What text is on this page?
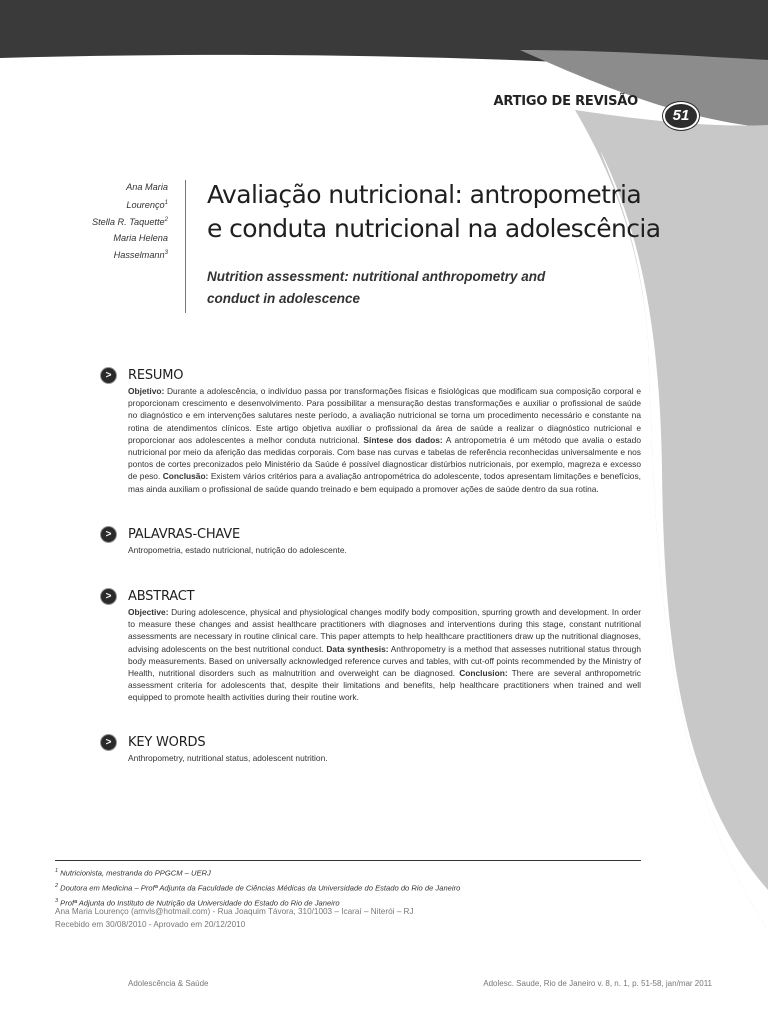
ARTIGO DE REVISÃO
51
Ana Maria
Lourenço$^1$
Stella R. Taquette$^2$
Maria Helena
Hasselmann$^3$
Avaliação nutricional: antropometria
e conduta nutricional na adolescência
Nutrition assessment: nutritional anthropometry and
conduct in adolescence
>	RESUMO
Objetivo: Durante a adolescência, o indivíduo passa por transformações físicas e fisiológicas que modificam sua composição corporal e proporcionam crescimento e desenvolvimento. Para possibilitar a mensuração destas transformações e auxiliar o profissional de saúde no diagnóstico e em intervenções salutares neste período, a avaliação nutricional se torna um procedimento necessário e constante na rotina de atendimentos clínicos. Este artigo objetiva auxiliar o profissional da área de saúde a realizar o diagnóstico nutricional e proporcionar aos adolescentes a melhor conduta nutricional. Síntese dos dados: A antropometria é um método que avalia o estado nutricional por meio da aferição das medidas corporais. Com base nas curvas e tabelas de referência reconhecidas universalmente e nos pontos de cortes preconizados pelo Ministério da Saúde é possível diagnosticar distúrbios nutricionais, por exemplo, magreza e excesso de peso. Conclusão: Existem vários critérios para a avaliação antropométrica do adolescente, todos apresentam limitações e benefícios, mas ainda auxiliam o profissional de saúde quando treinado e bem equipado a promover ações de saúde dentro da sua rotina.
>	PALAVRAS-CHAVE
Antropometria, estado nutricional, nutrição do adolescente.
>	ABSTRACT
Objective: During adolescence, physical and physiological changes modify body composition, spurring growth and development. In order to measure these changes and assist healthcare practitioners with diagnoses and interventions during this stage, constant nutritional assessments are necessary in routine clinical care. This paper attempts to help healthcare practitioners draw up the nutritional diagnoses, advising adolescents on the best nutritional conduct. Data synthesis: Anthropometry is a method that assesses nutritional status through body measurements. Based on universally acknowledged reference curves and tables, with cut-off points recommended by the Ministry of Health, nutritional disorders such as malnutrition and overweight can be diagnosed. Conclusion: There are several anthropometric assessment criteria for adolescents that, despite their limitations and benefits, help healthcare practitioners when trained and well equipped to promote health activities during their routine work.
>	KEY WORDS
Anthropometry, nutritional status, adolescent nutrition.
$^1$ Nutricionista, mestranda do PPGCM – UERJ
$^2$ Doutora em Medicina – Profª Adjunta da Faculdade de Ciências Médicas da Universidade do Estado do Rio de Janeiro
$^3$ Profª Adjunta do Instituto de Nutrição da Universidade do Estado do Rio de Janeiro
Ana Maria Lourenço (amvls@hotmail.com) - Rua Joaquim Távora, 310/1003 – Icaraí – Niterói – RJ
Recebido em 30/08/2010 - Aprovado em 20/12/2010
Adolescência & Saúde	Adolesc. Saude, Rio de Janeiro v. 8, n. 1, p. 51-58, jan/mar 2011
